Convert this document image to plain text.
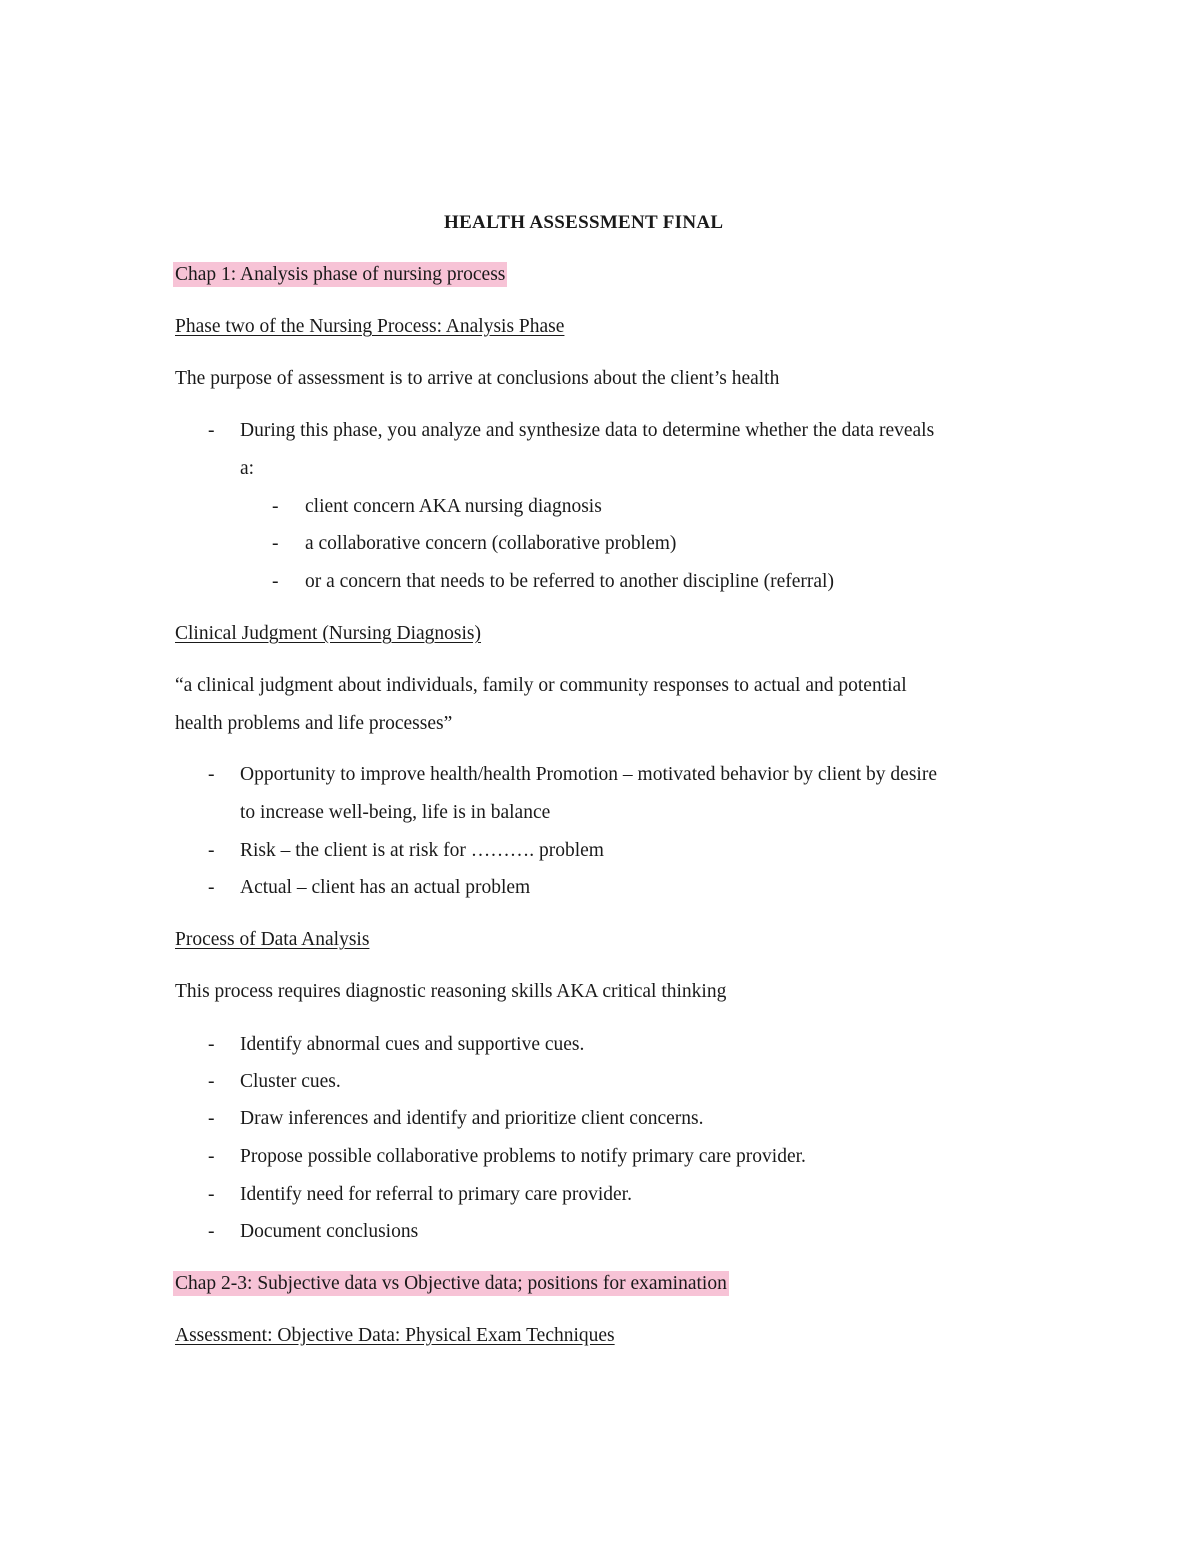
HEALTH ASSESSMENT FINAL
Chap 1: Analysis phase of nursing process
Phase two of the Nursing Process: Analysis Phase
The purpose of assessment is to arrive at conclusions about the client’s health
- During this phase, you analyze and synthesize data to determine whether the data reveals
a:
- client concern AKA nursing diagnosis
- a collaborative concern (collaborative problem)
- or a concern that needs to be referred to another discipline (referral)
Clinical Judgment (Nursing Diagnosis)
“a clinical judgment about individuals, family or community responses to actual and potential
health problems and life processes”
- Opportunity to improve health/health Promotion – motivated behavior by client by desire
to increase well-being, life is in balance
- Risk – the client is at risk for ………. problem
- Actual – client has an actual problem
Process of Data Analysis
This process requires diagnostic reasoning skills AKA critical thinking
- Identify abnormal cues and supportive cues.
- Cluster cues.
- Draw inferences and identify and prioritize client concerns.
- Propose possible collaborative problems to notify primary care provider.
- Identify need for referral to primary care provider.
- Document conclusions
Chap 2-3: Subjective data vs Objective data; positions for examination
Assessment: Objective Data: Physical Exam Techniques
